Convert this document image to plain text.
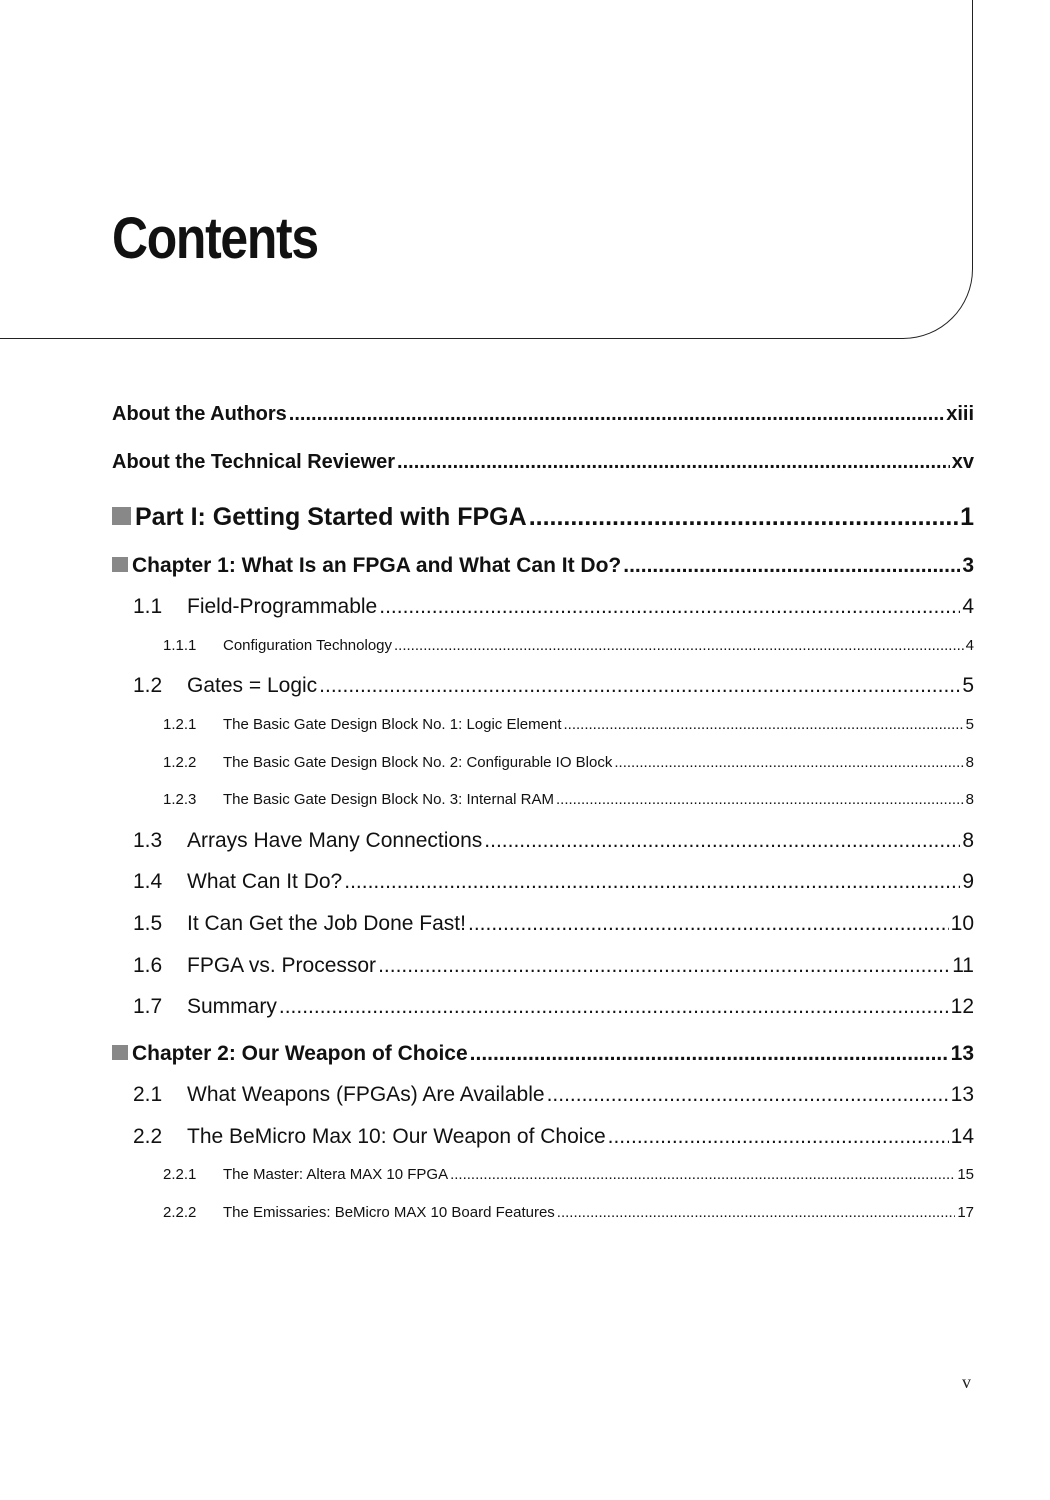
Contents
About the Authors .....	xiii
About the Technical Reviewer .....	xv
Part I: Getting Started with FPGA .....	1
Chapter 1: What Is an FPGA and What Can It Do? .....	3
1.1	Field-Programmable .....	4
1.1.1	Configuration Technology .....	4
1.2	Gates = Logic .....	5
1.2.1	The Basic Gate Design Block No. 1: Logic Element .....	5
1.2.2	The Basic Gate Design Block No. 2: Configurable IO Block .....	8
1.2.3	The Basic Gate Design Block No. 3: Internal RAM .....	8
1.3	Arrays Have Many Connections .....	8
1.4	What Can It Do? .....	9
1.5	It Can Get the Job Done Fast! .....	10
1.6	FPGA vs. Processor .....	11
1.7	Summary .....	12
Chapter 2: Our Weapon of Choice .....	13
2.1	What Weapons (FPGAs) Are Available .....	13
2.2	The BeMicro Max 10: Our Weapon of Choice .....	14
2.2.1	The Master: Altera MAX 10 FPGA .....	15
2.2.2	The Emissaries: BeMicro MAX 10 Board Features .....	17
v
